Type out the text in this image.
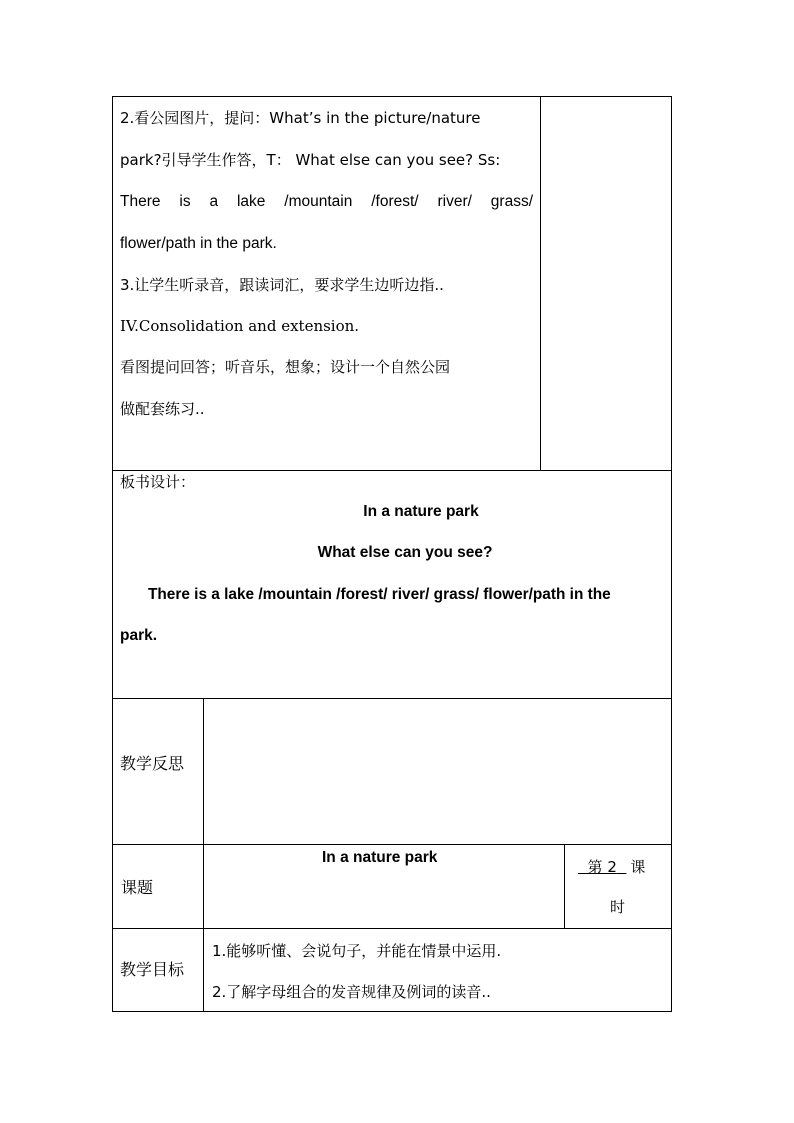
2.看公园图片，提问：What’s in the picture/nature
park?引导学生作答，T： What else can you see? Ss:
There is a lake /mountain /forest/ river/ grass/
flower/path in the park.
3.让学生听录音，跟读词汇，要求学生边听边指..
IV.Consolidation and extension.
看图提问回答；听音乐，想象；设计一个自然公园
做配套练习..
板书设计：
In a nature park
What else can you see?
There is a lake /mountain /forest/ river/ grass/ flower/path in the
park.
教学反思
课题
In a nature park
第 2 课
时
教学目标
1.能够听懂、会说句子，并能在情景中运用.
2.了解字母组合的发音规律及例词的读音..
